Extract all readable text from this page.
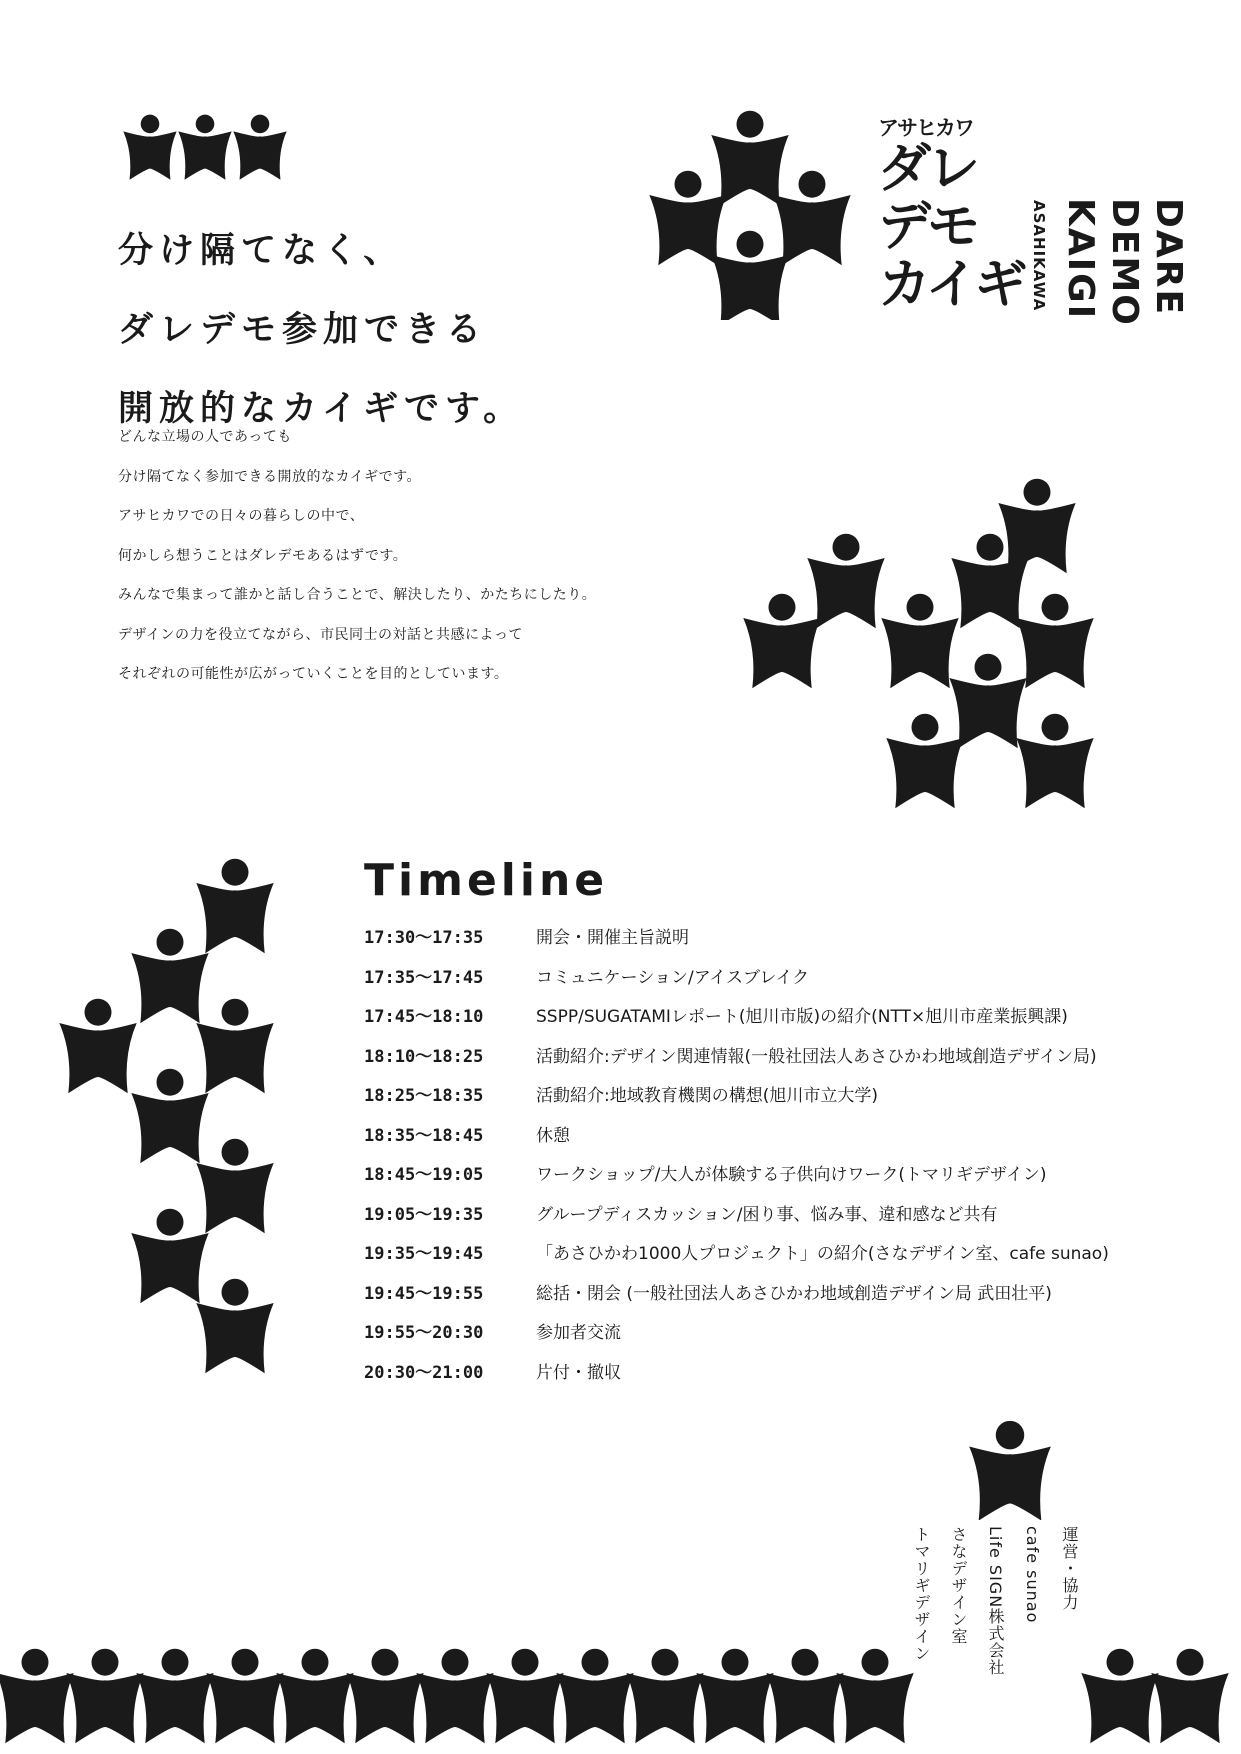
分け隔てなく、
ダレデモ参加できる
開放的なカイギです。
どんな立場の人であっても
分け隔てなく参加できる開放的なカイギです。
アサヒカワでの日々の暮らしの中で、
何かしら想うことはダレデモあるはずです。
みんなで集まって誰かと話し合うことで、解決したり、かたちにしたり。
デザインの力を役立てながら、市民同士の対話と共感によって
それぞれの可能性が広がっていくことを目的としています。
アサヒカワ
ダレ
デモ
カイギ ASAHIKAWA	DARE
DEMO
KAIGI
Timeline
17:30〜17:35	開会・開催主旨説明
17:35〜17:45	コミュニケーション/アイスブレイク
17:45〜18:10	SSPP/SUGATAMIレポート(旭川市版)の紹介(NTT×旭川市産業振興課)
18:10〜18:25	活動紹介:デザイン関連情報(一般社団法人あさひかわ地域創造デザイン局)
18:25〜18:35	活動紹介:地域教育機関の構想(旭川市立大学)
18:35〜18:45	休憩
18:45〜19:05	ワークショップ/大人が体験する子供向けワーク(トマリギデザイン)
19:05〜19:35	グループディスカッション/困り事、悩み事、違和感など共有
19:35〜19:45	「あさひかわ1000人プロジェクト」の紹介(さなデザイン室、cafe sunao)
19:45〜19:55	総括・閉会 (一般社団法人あさひかわ地域創造デザイン局 武田壮平)
19:55〜20:30	参加者交流
20:30〜21:00	片付・撤収
運営・協力
cafe sunao
Life SIGN株式会社
さなデザイン室
トマリギデザイン
